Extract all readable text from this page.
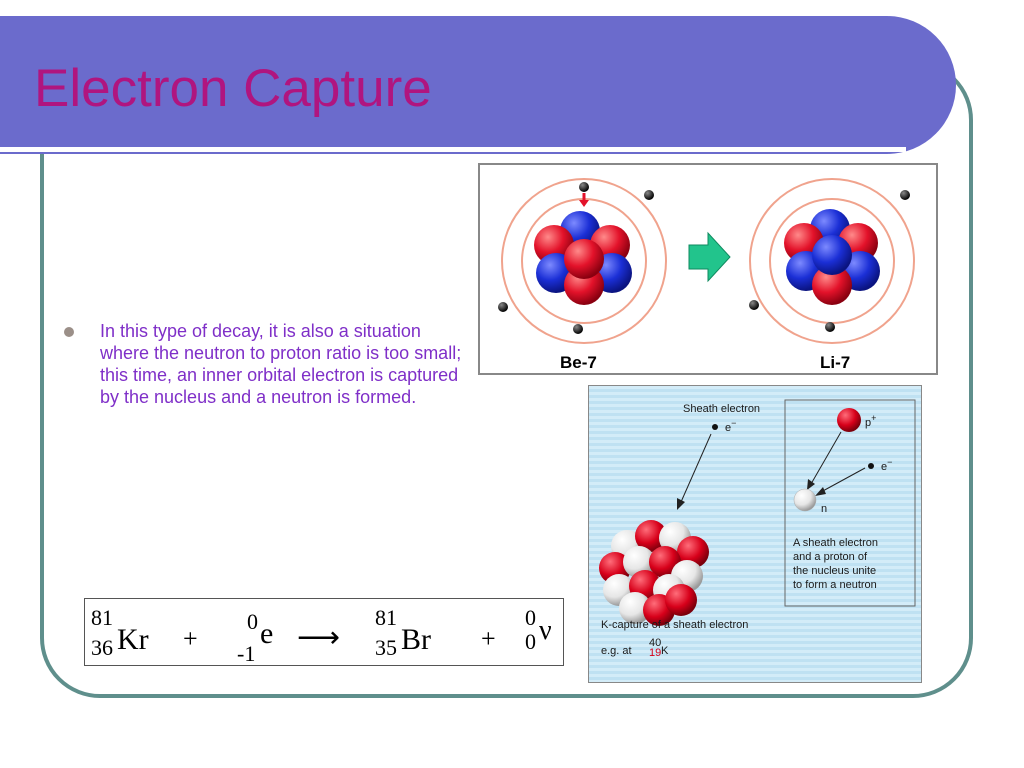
Electron Capture
In this type of decay, it is also a situation where the neutron to proton ratio is too small; this time, an inner orbital electron is captured by the nucleus and a neutron is formed.
Be-7	Li-7
Sheath electron
e−	p+
e−
n
A sheath electron
and a proton of
the nucleus unite
to form a neutron
K-capture of a sheath electron
e.g. at
40
19 K
81
36 Kr +
0
-1
e ⟶
81
35 Br +
0
0 ν
